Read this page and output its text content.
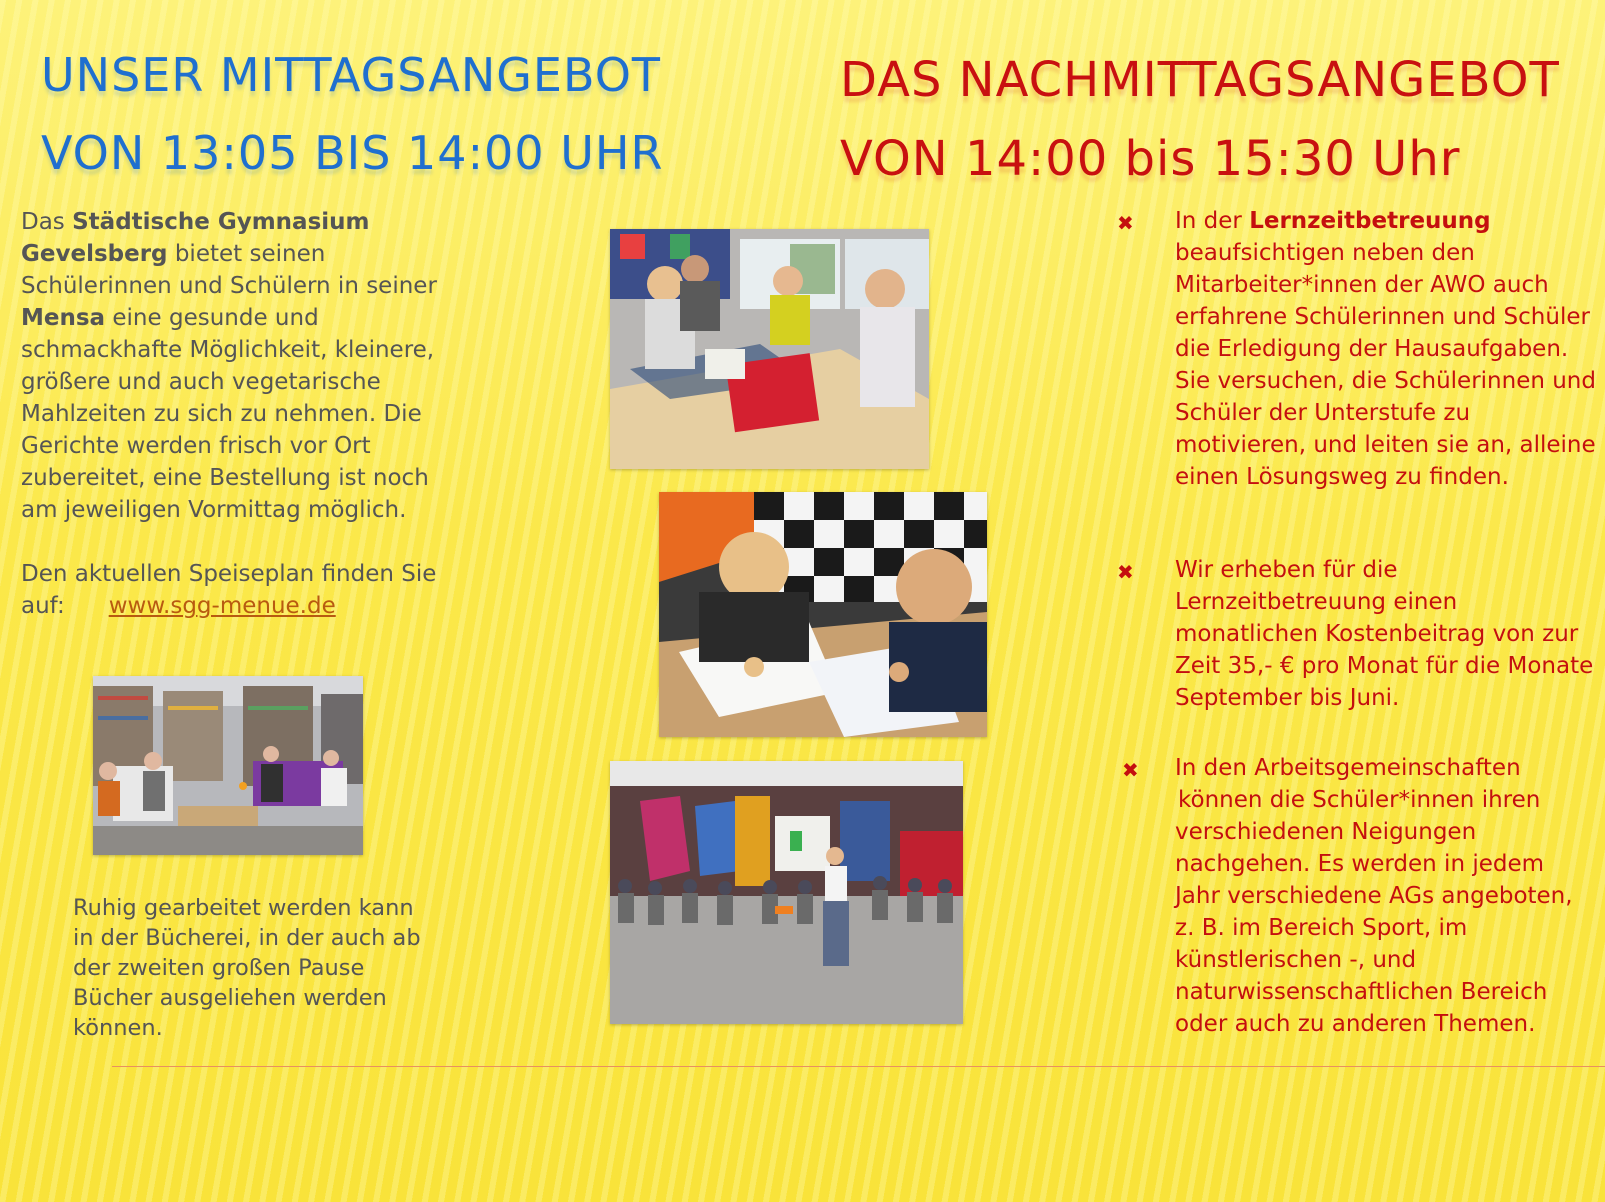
UNSER MITTAGSANGEBOT
VON 13:05 BIS 14:00 UHR
DAS NACHMITTAGSANGEBOT
VON 14:00 bis 15:30 Uhr

Das Städtische Gymnasium Gevelsberg bietet seinen Schülerinnen und Schülern in seiner Mensa eine gesunde und schmackhafte Möglichkeit, kleinere, größere und auch vegetarische Mahlzeiten zu sich zu nehmen. Die Gerichte werden frisch vor Ort zubereitet, eine Bestellung ist noch am jeweiligen Vormittag möglich.

Den aktuellen Speiseplan finden Sie auf: www.sgg-menue.de

Ruhig gearbeitet werden kann in der Bücherei, in der auch ab der zweiten großen Pause Bücher ausgeliehen werden können.

✖ In der Lernzeitbetreuung beaufsichtigen neben den Mitarbeiter*innen der AWO auch erfahrene Schülerinnen und Schüler die Erledigung der Hausaufgaben. Sie versuchen, die Schülerinnen und Schüler der Unterstufe zu motivieren, und leiten sie an, alleine einen Lösungsweg zu finden.

✖ Wir erheben für die Lernzeitbetreuung einen monatlichen Kostenbeitrag von zur Zeit 35,- € pro Monat für die Monate September bis Juni.

✖ In den Arbeitsgemeinschaften
können die Schüler*innen ihren verschiedenen Neigungen nachgehen. Es werden in jedem Jahr verschiedene AGs angeboten, z. B. im Bereich Sport, im künstlerischen -, und naturwissenschaftlichen Bereich oder auch zu anderen Themen.
